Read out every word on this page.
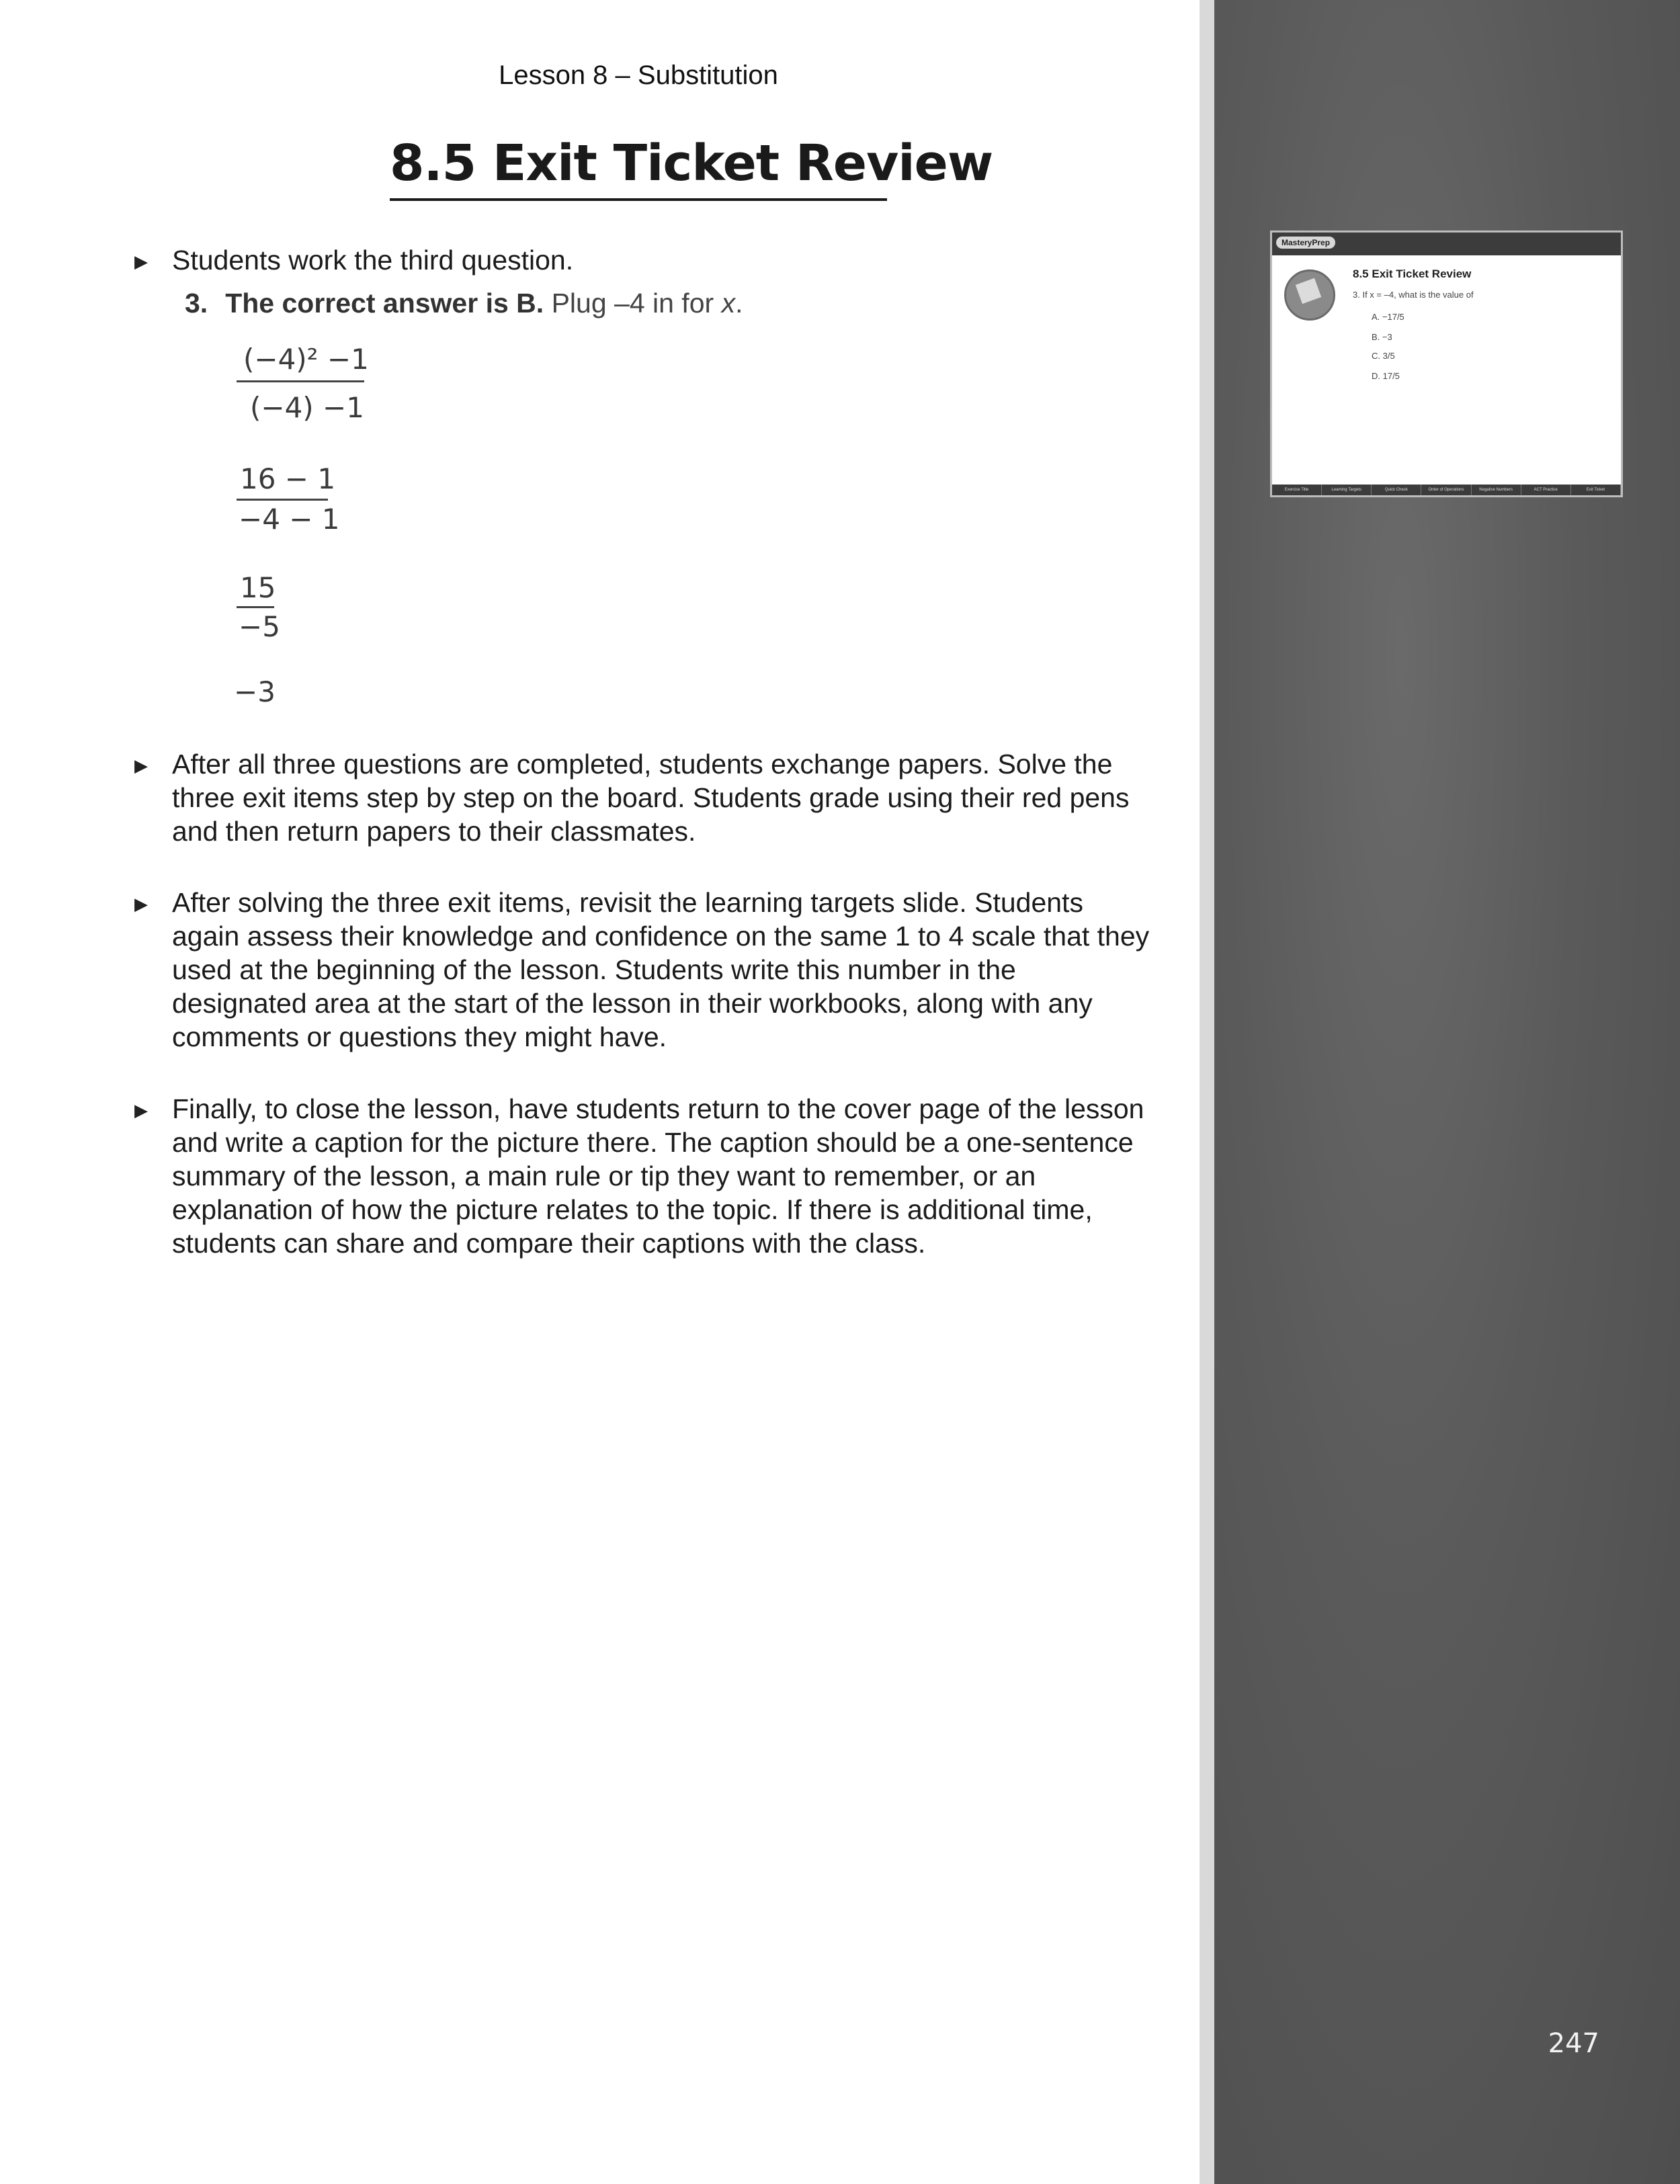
Lesson 8 – Substitution
8.5 Exit Ticket Review
▶ Students work the third question.
3. The correct answer is B. Plug –4 in for x.
(−4)² −1
(−4) −1
16 − 1
−4 − 1
15
−5
−3
▶ After all three questions are completed, students exchange papers. Solve the three exit items step by step on the board. Students grade using their red pens and then return papers to their classmates.
▶ After solving the three exit items, revisit the learning targets slide. Students again assess their knowledge and confidence on the same 1 to 4 scale that they used at the beginning of the lesson. Students write this number in the designated area at the start of the lesson in their workbooks, along with any comments or questions they might have.
▶ Finally, to close the lesson, have students return to the cover page of the lesson and write a caption for the picture there. The caption should be a one-sentence summary of the lesson, a main rule or tip they want to remember, or an explanation of how the picture relates to the topic. If there is additional time, students can share and compare their captions with the class.
247
MasteryPrep
8.5 Exit Ticket Review
3. If x = –4, what is the value of
A. −17/5
B. −3
C. 3/5
D. 17/5
Exercise Title	Learning Targets	Quick Check	Order of Operations	Negative Numbers	ACT Practice	Exit Ticket
